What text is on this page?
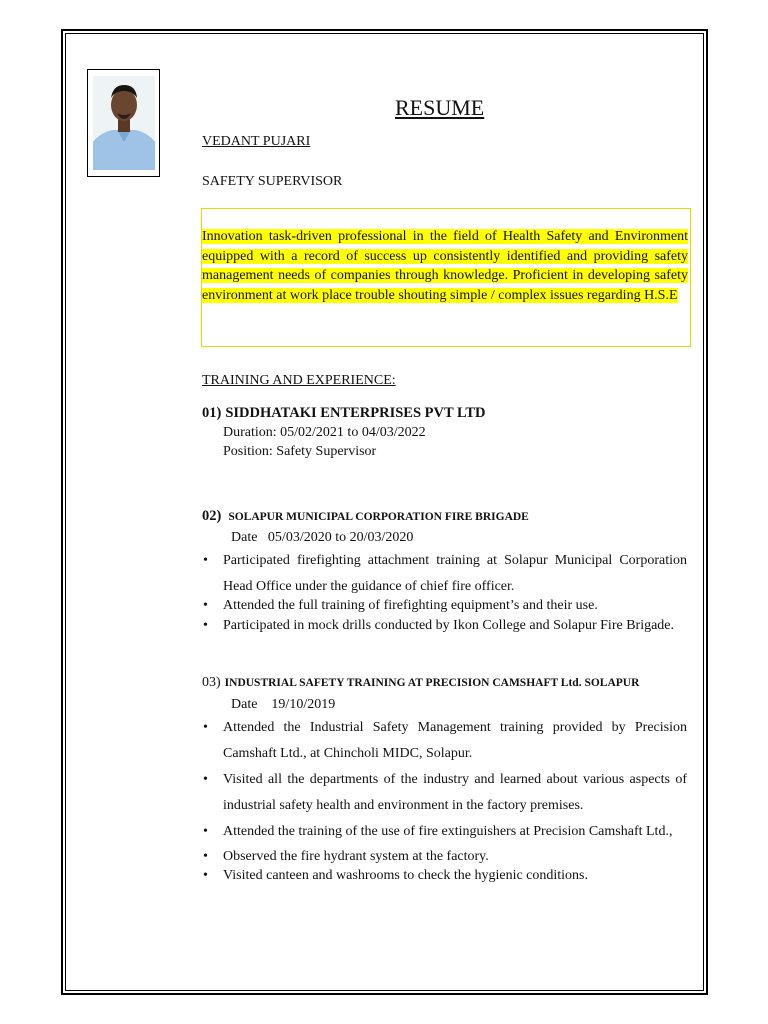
RESUME
VEDANT PUJARI
SAFETY SUPERVISOR
Innovation task-driven professional in the field of Health Safety and Environment equipped with a record of success up consistently identified and providing safety management needs of companies through knowledge. Proficient in developing safety environment at work place trouble shouting simple / complex issues regarding H.S.E
TRAINING AND EXPERIENCE:
01) SIDDHATAKI ENTERPRISES PVT LTD
Duration: 05/02/2021 to 04/03/2022
Position: Safety Supervisor
02) SOLAPUR MUNICIPAL CORPORATION FIRE BRIGADE
Date   05/03/2020 to 20/03/2020
• Participated firefighting attachment training at Solapur Municipal Corporation Head Office under the guidance of chief fire officer.
• Attended the full training of firefighting equipment’s and their use.
• Participated in mock drills conducted by Ikon College and Solapur Fire Brigade.
03) INDUSTRIAL SAFETY TRAINING AT PRECISION CAMSHAFT Ltd. SOLAPUR
Date    19/10/2019
• Attended the Industrial Safety Management training provided by Precision Camshaft Ltd., at Chincholi MIDC, Solapur.
• Visited all the departments of the industry and learned about various aspects of industrial safety health and environment in the factory premises.
• Attended the training of the use of fire extinguishers at Precision Camshaft Ltd.,
• Observed the fire hydrant system at the factory.
• Visited canteen and washrooms to check the hygienic conditions.
